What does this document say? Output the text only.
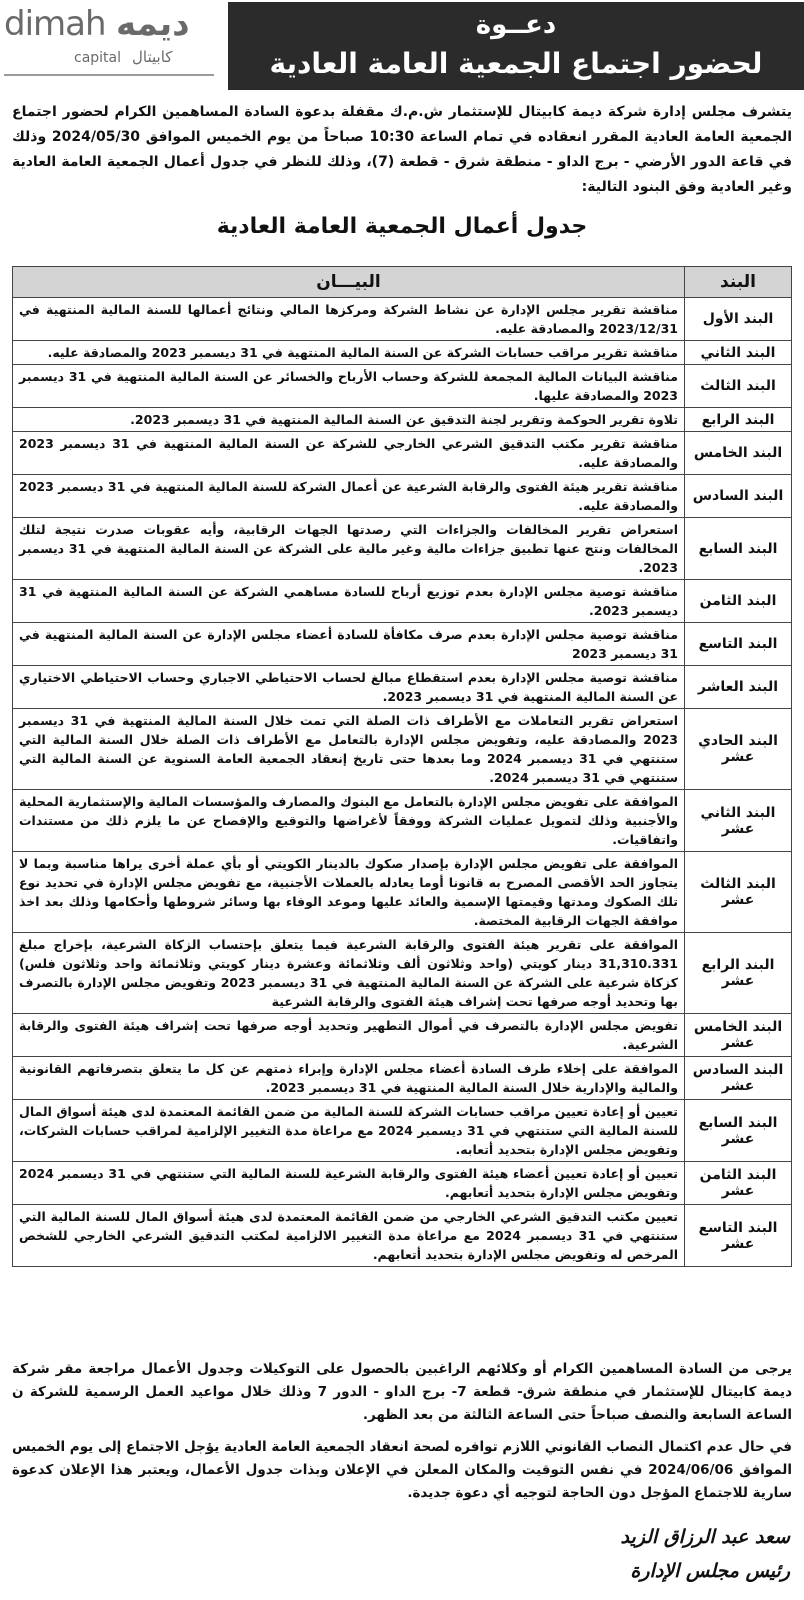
دعــوة
لحضور اجتماع الجمعية العامة العادية
dimah ديمه
capital كابيتال
يتشرف مجلس إدارة شركة ديمة كابيتال للإستثمار ش.م.ك مقفلة بدعوة السادة المساهمين الكرام لحضور اجتماع الجمعية العامة العادية المقرر انعقاده في تمام الساعة 10:30 صباحاً من يوم الخميس الموافق 2024/05/30 وذلك في قاعة الدور الأرضي - برج الداو - منطقة شرق - قطعة (7)، وذلك للنظر في جدول أعمال الجمعية العامة العادية وغير العادية وفق البنود التالية:
جدول أعمال الجمعية العامة العادية
البند	البيـــان
البند الأول	مناقشة تقرير مجلس الإدارة عن نشاط الشركة ومركزها المالي ونتائج أعمالها للسنة المالية المنتهية في 2023/12/31 والمصادقة عليه.
البند الثاني	مناقشة تقرير مراقب حسابات الشركة عن السنة المالية المنتهية في 31 ديسمبر 2023 والمصادقة عليه.
البند الثالث	مناقشة البيانات المالية المجمعة للشركة وحساب الأرباح والخسائر عن السنة المالية المنتهية في 31 ديسمبر 2023 والمصادقة عليها.
البند الرابع	تلاوة تقرير الحوكمة وتقرير لجنة التدقيق عن السنة المالية المنتهية في 31 ديسمبر 2023.
البند الخامس	مناقشة تقرير مكتب التدقيق الشرعي الخارجي للشركة عن السنة المالية المنتهية في 31 ديسمبر 2023 والمصادقة عليه.
البند السادس	مناقشة تقرير هيئة الفتوى والرقابة الشرعية عن أعمال الشركة للسنة المالية المنتهية في 31 ديسمبر 2023 والمصادقة عليه.
البند السابع	استعراض تقرير المخالفات والجزاءات التي رصدتها الجهات الرقابية، وأيه عقوبات صدرت نتيجة لتلك المخالفات ونتج عنها تطبيق جزاءات مالية وغير مالية على الشركة عن السنة المالية المنتهية في 31 ديسمبر 2023.
البند الثامن	مناقشة توصية مجلس الإدارة بعدم توزيع أرباح للسادة مساهمي الشركة عن السنة المالية المنتهية في 31 ديسمبر 2023.
البند التاسع	مناقشة توصية مجلس الإدارة بعدم صرف مكافأة للسادة أعضاء مجلس الإدارة عن السنة المالية المنتهية في 31 ديسمبر 2023
البند العاشر	مناقشة توصية مجلس الإدارة بعدم استقطاع مبالغ لحساب الاحتياطي الاجباري وحساب الاحتياطي الاختياري عن السنة المالية المنتهية في 31 ديسمبر 2023.
البند الحادي عشر	استعراض تقرير التعاملات مع الأطراف ذات الصلة التي تمت خلال السنة المالية المنتهية في 31 ديسمبر 2023 والمصادقة عليه، وتفويض مجلس الإدارة بالتعامل مع الأطراف ذات الصلة خلال السنة المالية التي ستنتهي في 31 ديسمبر 2024 وما بعدها حتى تاريخ إنعقاد الجمعية العامة السنوية عن السنة المالية التي ستنتهي في 31 ديسمبر 2024.
البند الثاني عشر	الموافقة على تفويض مجلس الإدارة بالتعامل مع البنوك والمصارف والمؤسسات المالية والإستثمارية المحلية والأجنبية وذلك لتمويل عمليات الشركة ووفقاً لأغراضها والتوقيع والإفصاح عن ما يلزم ذلك من مستندات واتفاقيات.
البند الثالث عشر	الموافقة على تفويض مجلس الإدارة بإصدار صكوك بالدينار الكويتي أو بأي عملة أخرى يراها مناسبة وبما لا يتجاوز الحد الأقصى المصرح به قانونا أوما يعادله بالعملات الأجنبية، مع تفويض مجلس الإدارة في تحديد نوع تلك الصكوك ومدتها وقيمتها الإسمية والعائد عليها وموعد الوفاء بها وسائر شروطها وأحكامها وذلك بعد اخذ موافقة الجهات الرقابية المختصة.
البند الرابع عشر	الموافقة على تقرير هيئة الفتوى والرقابة الشرعية فيما يتعلق بإحتساب الزكاة الشرعية، بإخراج مبلغ 31,310.331 دينار كويتي (واحد وثلاثون ألف وثلاثمائة وعشرة دينار كويتي وثلاثمائة واحد وثلاثون فلس) كزكاة شرعية على الشركة عن السنة المالية المنتهية في 31 ديسمبر 2023 وتفويض مجلس الإدارة بالتصرف بها وتحديد أوجه صرفها تحت إشراف هيئة الفتوى والرقابة الشرعية
البند الخامس عشر	تفويض مجلس الإدارة بالتصرف في أموال التطهير وتحديد أوجه صرفها تحت إشراف هيئة الفتوى والرقابة الشرعية.
البند السادس عشر	الموافقة على إخلاء طرف السادة أعضاء مجلس الإدارة وإبراء ذمتهم عن كل ما يتعلق بتصرفاتهم القانونية والمالية والإدارية خلال السنة المالية المنتهية في 31 ديسمبر 2023.
البند السابع عشر	تعيين أو إعادة تعيين مراقب حسابات الشركة للسنة المالية من ضمن القائمة المعتمدة لدى هيئة أسواق المال للسنة المالية التي ستنتهي في 31 ديسمبر 2024 مع مراعاة مدة التغيير الإلزامية لمراقب حسابات الشركات، وتفويض مجلس الإدارة بتحديد أتعابه.
البند الثامن عشر	تعيين أو إعادة تعيين أعضاء هيئة الفتوى والرقابة الشرعية للسنة المالية التي ستنتهي في 31 ديسمبر 2024 وتفويض مجلس الإدارة بتحديد أتعابهم.
البند التاسع عشر	تعيين مكتب التدقيق الشرعي الخارجي من ضمن القائمة المعتمدة لدى هيئة أسواق المال للسنة المالية التي ستنتهي في 31 ديسمبر 2024 مع مراعاة مدة التغيير الالزامية لمكتب التدقيق الشرعي الخارجي للشخص المرخص له وتفويض مجلس الإدارة بتحديد أتعابهم.
يرجى من السادة المساهمين الكرام أو وكلائهم الراغبين بالحصول على التوكيلات وجدول الأعمال مراجعة مقر شركة ديمة كابيتال للإستثمار في منطقة شرق- قطعة 7- برج الداو - الدور 7 وذلك خلال مواعيد العمل الرسمية للشركة ن الساعة السابعة والنصف صباحاً حتى الساعة الثالثة من بعد الظهر.
في حال عدم اكتمال النصاب القانوني اللازم توافره لصحة انعقاد الجمعية العامة العادية يؤجل الاجتماع إلى يوم الخميس الموافق 2024/06/06 في نفس التوقيت والمكان المعلن في الإعلان وبذات جدول الأعمال، ويعتبر هذا الإعلان كدعوة سارية للاجتماع المؤجل دون الحاجة لتوجيه أي دعوة جديدة.
سعد عبد الرزاق الزيد
رئيس مجلس الإدارة
